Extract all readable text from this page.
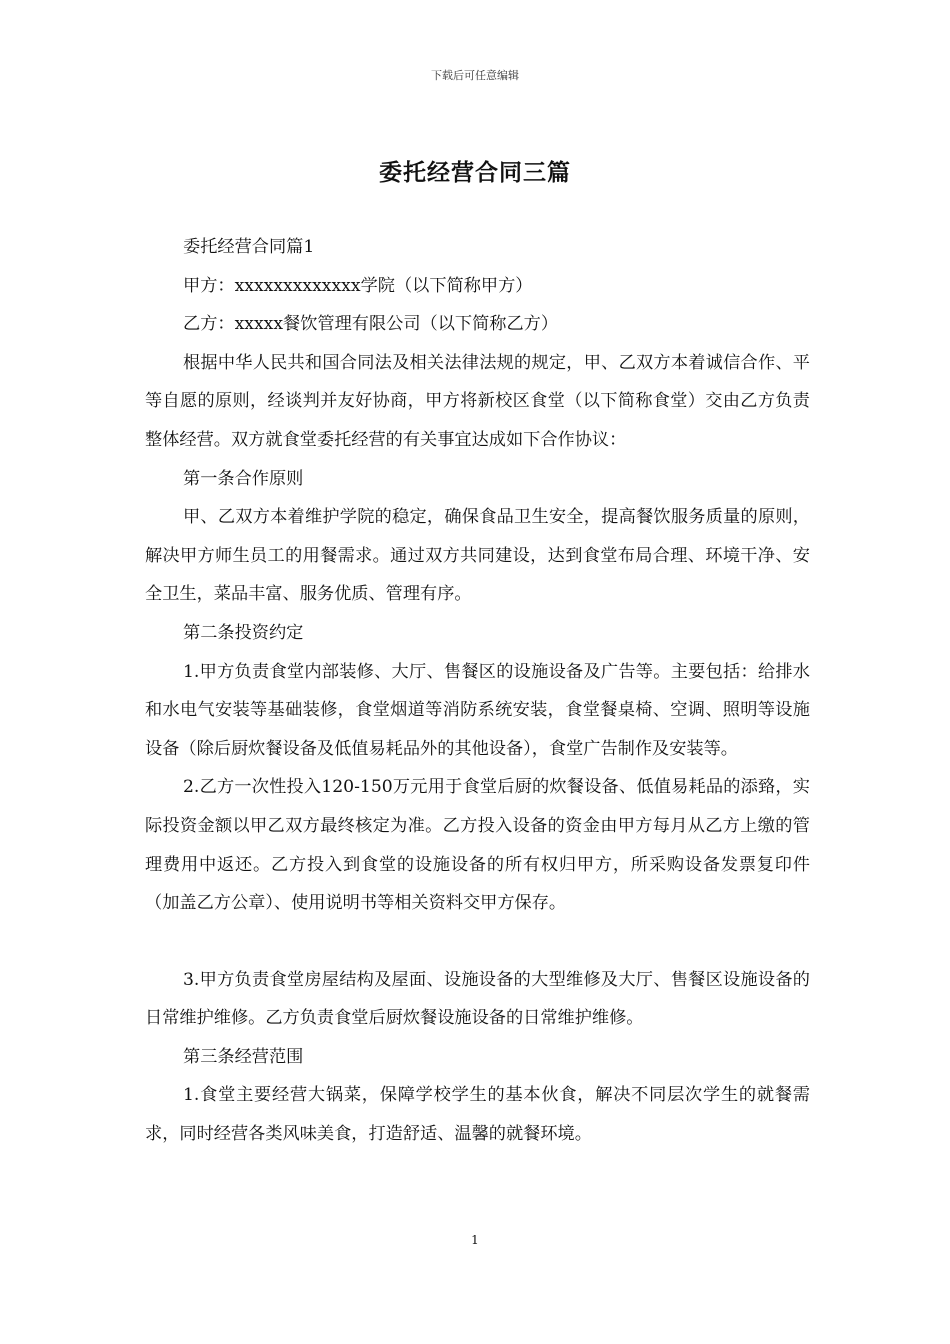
下载后可任意编辑
委托经营合同三篇

委托经营合同篇1

甲方：xxxxxxxxxxxxx学院（以下简称甲方）

乙方：xxxxx餐饮管理有限公司（以下简称乙方）

根据中华人民共和国合同法及相关法律法规的规定，甲、乙双方本着诚信合作、平等自愿的原则，经谈判并友好协商，甲方将新校区食堂（以下简称食堂）交由乙方负责整体经营。双方就食堂委托经营的有关事宜达成如下合作协议：

第一条合作原则

甲、乙双方本着维护学院的稳定，确保食品卫生安全，提高餐饮服务质量的原则，解决甲方师生员工的用餐需求。通过双方共同建设，达到食堂布局合理、环境干净、安全卫生，菜品丰富、服务优质、管理有序。

第二条投资约定

1.甲方负责食堂内部装修、大厅、售餐区的设施设备及广告等。主要包括：给排水和水电气安装等基础装修，食堂烟道等消防系统安装，食堂餐桌椅、空调、照明等设施设备（除后厨炊餐设备及低值易耗品外的其他设备），食堂广告制作及安装等。

2.乙方一次性投入120-150万元用于食堂后厨的炊餐设备、低值易耗品的添臵，实际投资金额以甲乙双方最终核定为准。乙方投入设备的资金由甲方每月从乙方上缴的管理费用中返还。乙方投入到食堂的设施设备的所有权归甲方，所采购设备发票复印件（加盖乙方公章）、使用说明书等相关资料交甲方保存。

3.甲方负责食堂房屋结构及屋面、设施设备的大型维修及大厅、售餐区设施设备的日常维护维修。乙方负责食堂后厨炊餐设施设备的日常维护维修。

第三条经营范围

1.食堂主要经营大锅菜，保障学校学生的基本伙食，解决不同层次学生的就餐需求，同时经营各类风味美食，打造舒适、温馨的就餐环境。

1
